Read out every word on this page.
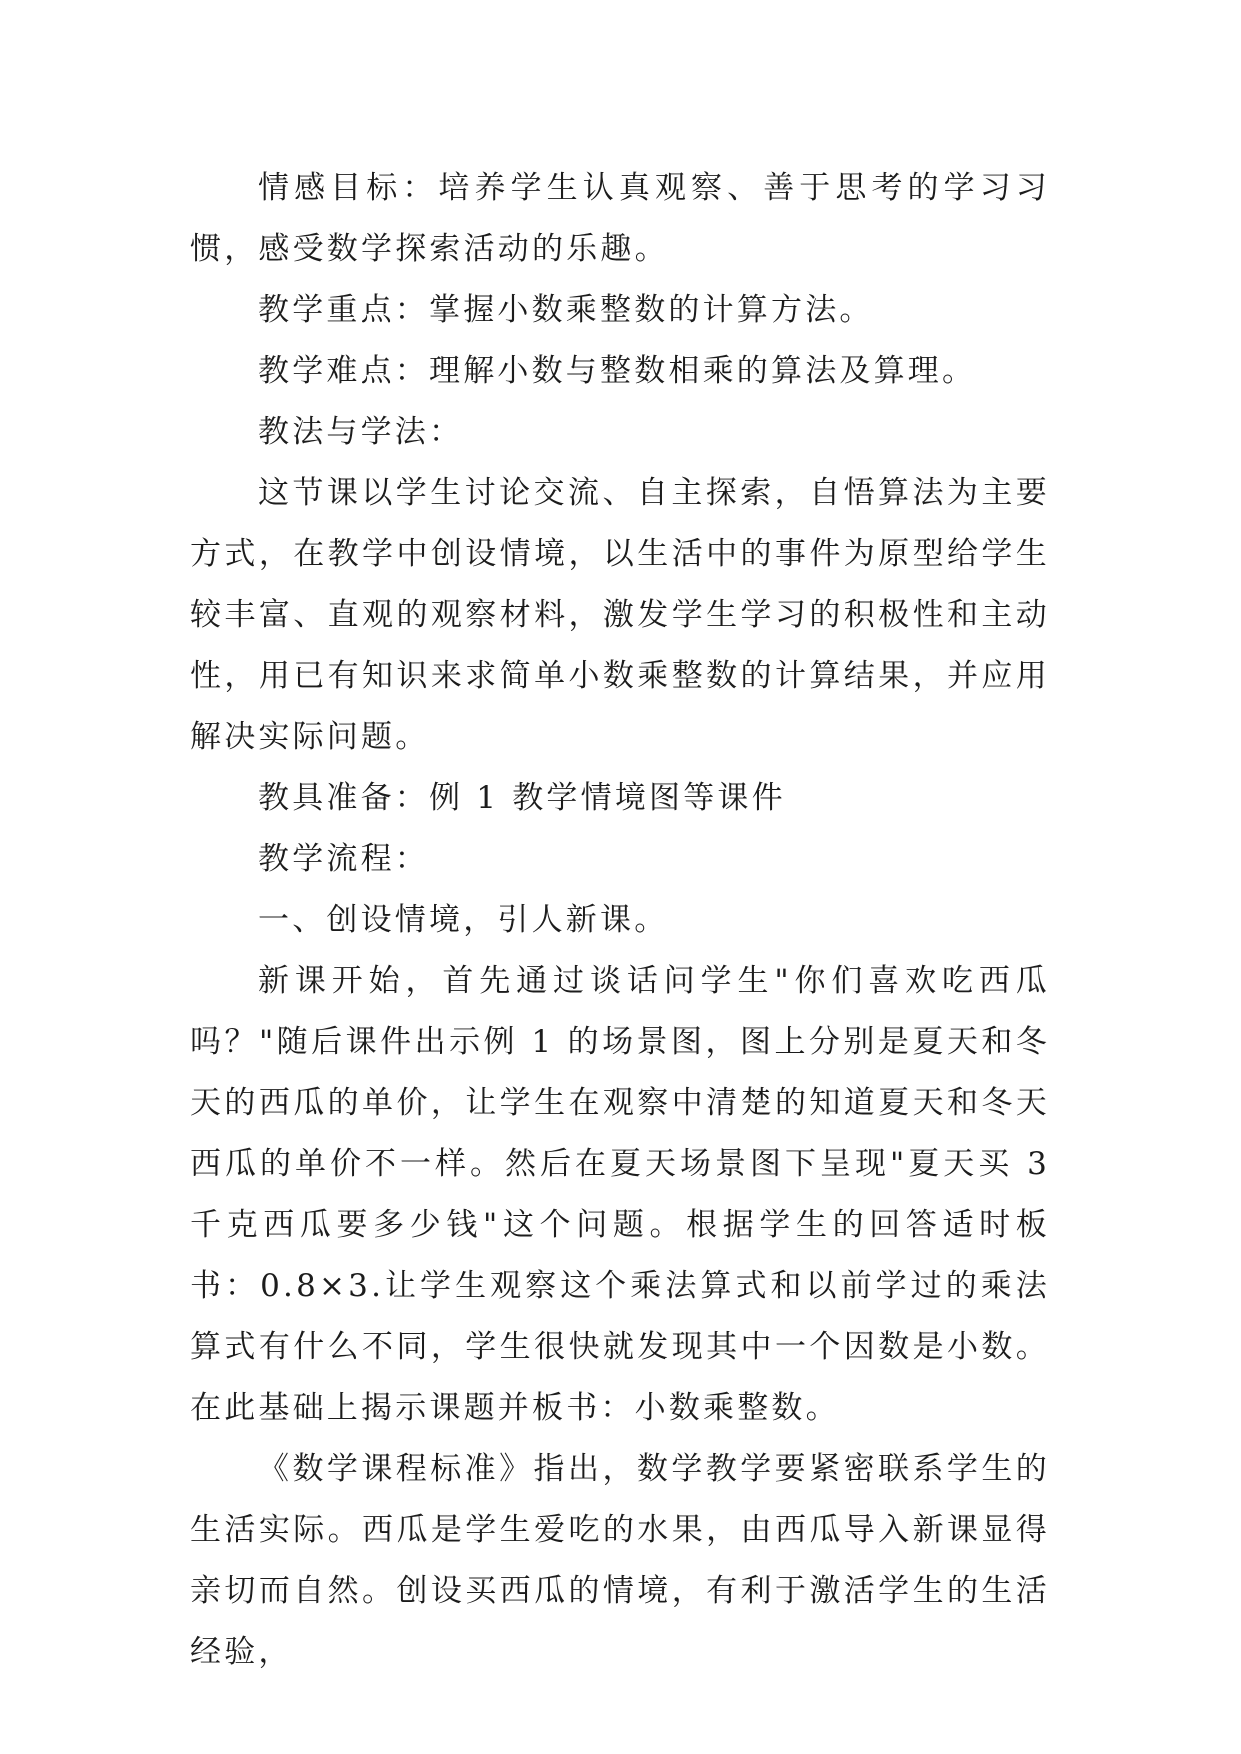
情感目标：培养学生认真观察、善于思考的学习习惯，感受数学探索活动的乐趣。

教学重点：掌握小数乘整数的计算方法。

教学难点：理解小数与整数相乘的算法及算理。

教法与学法：

这节课以学生讨论交流、自主探索，自悟算法为主要方式，在教学中创设情境，以生活中的事件为原型给学生较丰富、直观的观察材料，激发学生学习的积极性和主动性，用已有知识来求简单小数乘整数的计算结果，并应用解决实际问题。

教具准备：例 1 教学情境图等课件

教学流程：

一、创设情境，引人新课。

新课开始，首先通过谈话问学生"你们喜欢吃西瓜吗？"随后课件出示例 1 的场景图，图上分别是夏天和冬天的西瓜的单价，让学生在观察中清楚的知道夏天和冬天西瓜的单价不一样。然后在夏天场景图下呈现"夏天买 3 千克西瓜要多少钱"这个问题。根据学生的回答适时板书：0.8×3.让学生观察这个乘法算式和以前学过的乘法算式有什么不同，学生很快就发现其中一个因数是小数。在此基础上揭示课题并板书：小数乘整数。

《数学课程标准》指出，数学教学要紧密联系学生的生活实际。西瓜是学生爱吃的水果，由西瓜导入新课显得亲切而自然。创设买西瓜的情境，有利于激活学生的生活经验，
